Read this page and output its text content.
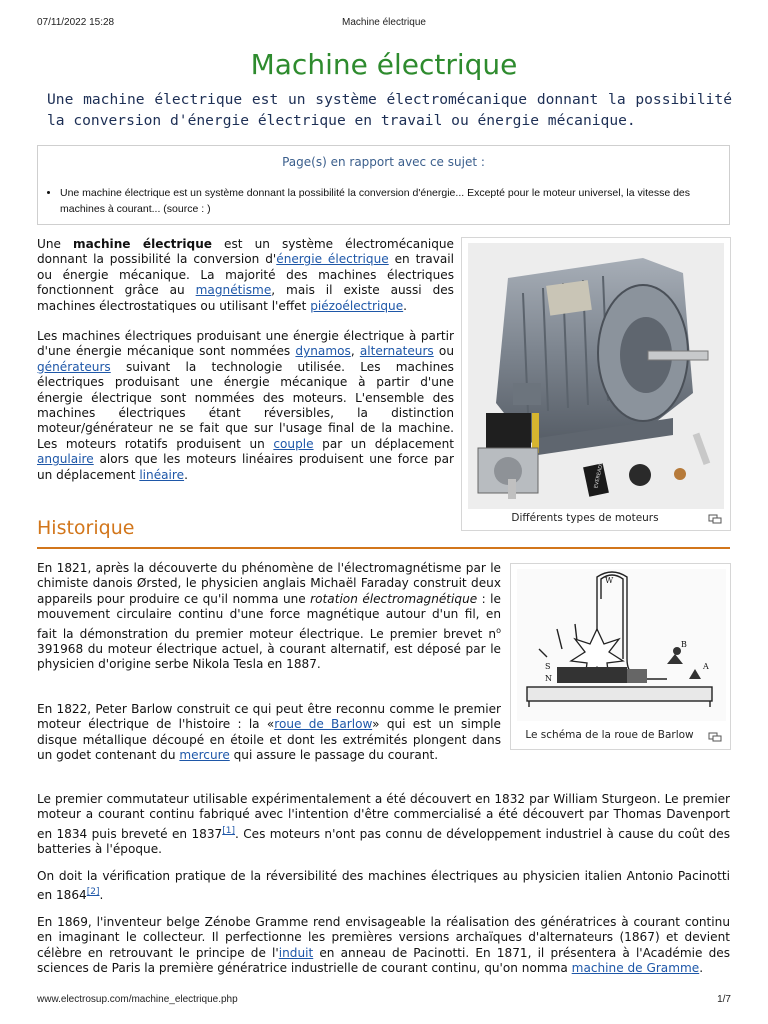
07/11/2022 15:28	Machine électrique
Machine électrique

Une machine électrique est un système électromécanique donnant la possibilité la conversion d'énergie électrique en travail ou énergie mécanique.

Page(s) en rapport avec ce sujet :
• Une machine électrique est un système donnant la possibilité la conversion d'énergie... Excepté pour le moteur universel, la vitesse des machines à courant... (source : )

Une machine électrique est un système électromécanique donnant la possibilité la conversion d'énergie électrique en travail ou énergie mécanique. La majorité des machines électriques fonctionnent grâce au magnétisme, mais il existe aussi des machines électrostatiques ou utilisant l'effet piézoélectrique.

Les machines électriques produisant une énergie électrique à partir d'une énergie mécanique sont nommées dynamos, alternateurs ou générateurs suivant la technologie utilisée. Les machines électriques produisant une énergie mécanique à partir d'une énergie électrique sont nommées des moteurs. L'ensemble des machines électriques étant réversibles, la distinction moteur/générateur ne se fait que sur l'usage final de la machine. Les moteurs rotatifs produisent un couple par un déplacement angulaire alors que les moteurs linéaires produisent une force par un déplacement linéaire.	EVEREADY
Différents types de moteurs
Historique

En 1821, après la découverte du phénomène de l'électromagnétisme par le chimiste danois Ørsted, le physicien anglais Michaël Faraday construit deux appareils pour produire ce qu'il nomma une rotation électromagnétique : le mouvement circulaire continu d'une force magnétique autour d'un fil, en fait la démonstration du premier moteur électrique. Le premier brevet $n^o$ 391968 du moteur électrique actuel, à courant alternatif, est déposé par le physicien d'origine serbe Nikola Tesla en 1887.

En 1822, Peter Barlow construit ce qui peut être reconnu comme le premier moteur électrique de l'histoire : la «roue de Barlow» qui est un simple disque métallique découpé en étoile et dont les extrémités plongent dans un godet contenant du mercure qui assure le passage du courant.

W
S
N
B
A
Le schéma de la roue de Barlow

Le premier commutateur utilisable expérimentalement a été découvert en 1832 par William Sturgeon. Le premier moteur a courant continu fabriqué avec l'intention d'être commercialisé a été découvert par Thomas Davenport en 1834 puis breveté en 1837[1]. Ces moteurs n'ont pas connu de développement industriel à cause du coût des batteries à l'époque.

On doit la vérification pratique de la réversibilité des machines électriques au physicien italien Antonio Pacinotti en 1864[2].

En 1869, l'inventeur belge Zénobe Gramme rend envisageable la réalisation des génératrices à courant continu en imaginant le collecteur. Il perfectionne les premières versions archaïques d'alternateurs (1867) et devient célèbre en retrouvant le principe de l'induit en anneau de Pacinotti. En 1871, il présentera à l'Académie des sciences de Paris la première génératrice industrielle de courant continu, qu'on nomma machine de Gramme.

www.electrosup.com/machine_electrique.php	1/7
